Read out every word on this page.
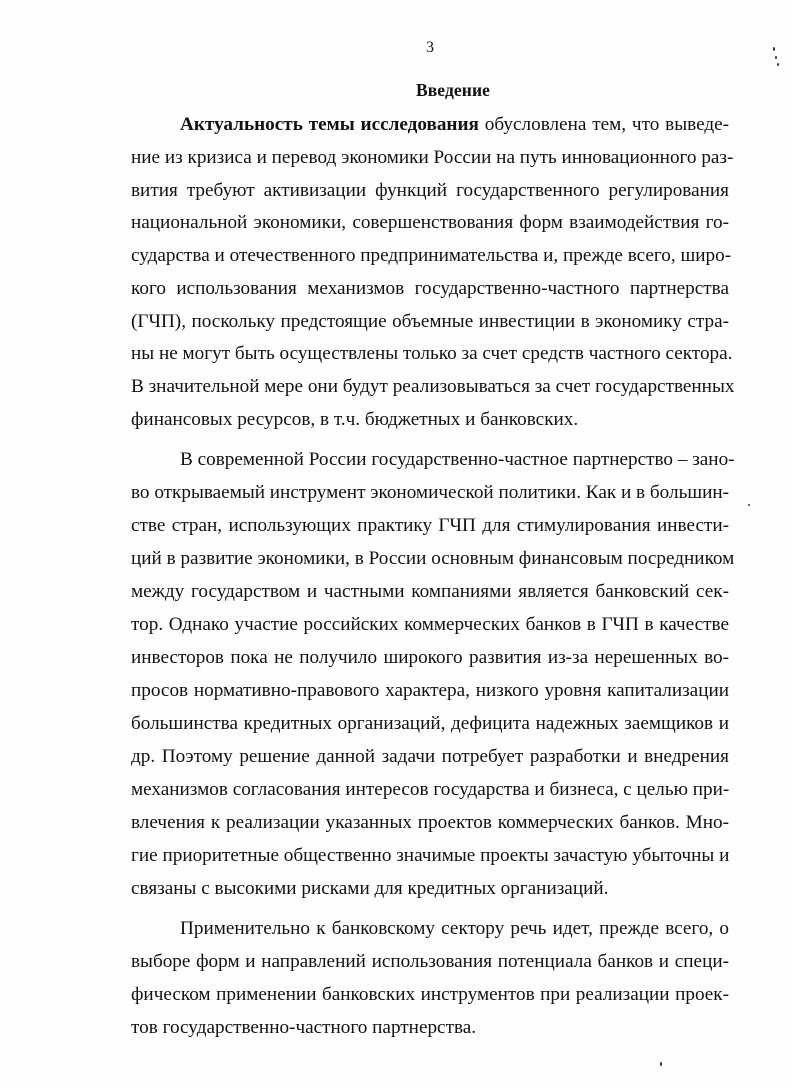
3
Введение
Актуальность темы исследования обусловлена тем, что выведе-
ние из кризиса и перевод экономики России на путь инновационного раз-
вития требуют активизации функций государственного регулирования
национальной экономики, совершенствования форм взаимодействия го-
сударства и отечественного предпринимательства и, прежде всего, широ-
кого использования механизмов государственно-частного партнерства
(ГЧП), поскольку предстоящие объемные инвестиции в экономику стра-
ны не могут быть осуществлены только за счет средств частного сектора.
В значительной мере они будут реализовываться за счет государственных
финансовых ресурсов, в т.ч. бюджетных и банковских.
В современной России государственно-частное партнерство – зано-
во открываемый инструмент экономической политики. Как и в большин-
стве стран, использующих практику ГЧП для стимулирования инвести-
ций в развитие экономики, в России основным финансовым посредником
между государством и частными компаниями является банковский сек-
тор. Однако участие российских коммерческих банков в ГЧП в качестве
инвесторов пока не получило широкого развития из-за нерешенных во-
просов нормативно-правового характера, низкого уровня капитализации
большинства кредитных организаций, дефицита надежных заемщиков и
др. Поэтому решение данной задачи потребует разработки и внедрения
механизмов согласования интересов государства и бизнеса, с целью при-
влечения к реализации указанных проектов коммерческих банков. Мно-
гие приоритетные общественно значимые проекты зачастую убыточны и
связаны с высокими рисками для кредитных организаций.
Применительно к банковскому сектору речь идет, прежде всего, о
выборе форм и направлений использования потенциала банков и специ-
фическом применении банковских инструментов при реализации проек-
тов государственно-частного партнерства.
